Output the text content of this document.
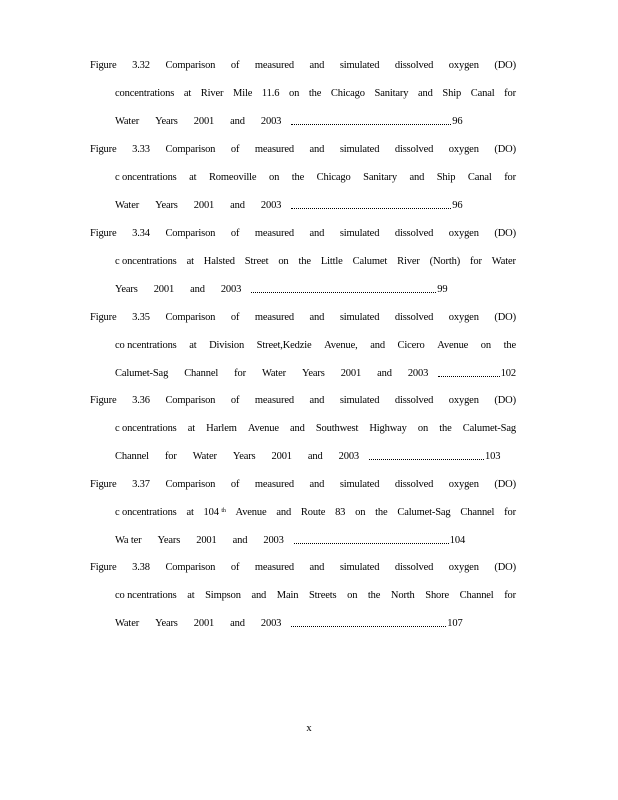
Figure 3.32 Comparison of measured and simulated dissolved oxygen (DO)
concentrations at River Mile 11.6 on the Chicago Sanitary and Ship Canal for
Water Years 2001 and 2003	96
Figure 3.33 Comparison of measured and simulated dissolved oxygen (DO)
c oncentrations at Romeoville on the Chicago Sanitary and Ship Canal for
Water Years 2001 and 2003	96
Figure 3.34 Comparison of measured and simulated dissolved oxygen (DO)
c oncentrations at Halsted Street on the Little Calumet River (North) for Water
Years 2001 and 2003	99
Figure 3.35 Comparison of measured and simulated dissolved oxygen (DO)
co ncentrations at Division Street,Kedzie Avenue, and Cicero Avenue on the
Calumet-Sag Channel for Water Years 2001 and 2003	102
Figure 3.36 Comparison of measured and simulated dissolved oxygen (DO)
c oncentrations at Harlem Avenue and Southwest Highway on the Calumet-Sag
Channel for Water Years 2001 and 2003	103
Figure 3.37 Comparison of measured and simulated dissolved oxygen (DO)
c oncentrations at 104 $^{th}$ Avenue and Route 83 on the Calumet-Sag Channel for
Wa ter Years 2001 and 2003	104
Figure 3.38 Comparison of measured and simulated dissolved oxygen (DO)
co ncentrations at Simpson and Main Streets on the North Shore Channel for
Water Years 2001 and 2003	107
x
